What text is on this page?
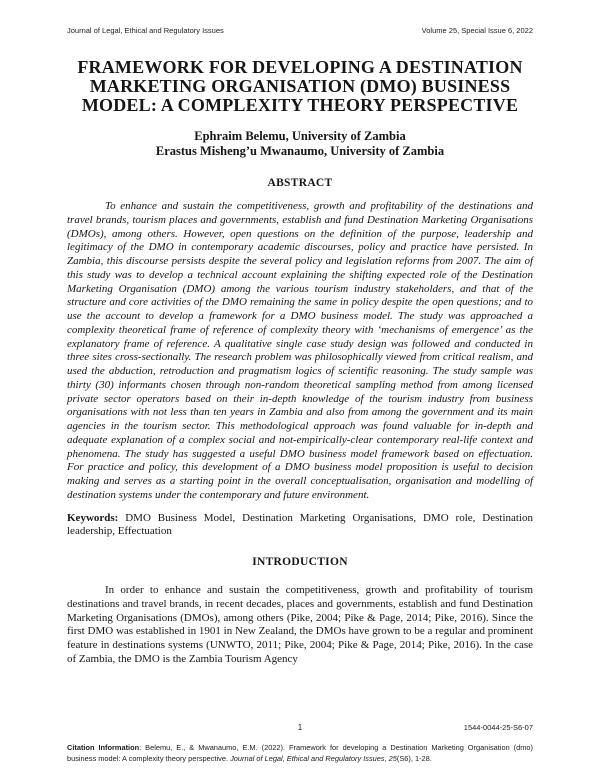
Journal of Legal, Ethical and Regulatory Issues	Volume 25, Special Issue 6, 2022
FRAMEWORK FOR DEVELOPING A DESTINATION
MARKETING ORGANISATION (DMO) BUSINESS
MODEL: A COMPLEXITY THEORY PERSPECTIVE
Ephraim Belemu, University of Zambia
Erastus Misheng’u Mwanaumo, University of Zambia
ABSTRACT

To enhance and sustain the competitiveness, growth and profitability of the destinations and travel brands, tourism places and governments, establish and fund Destination Marketing Organisations (DMOs), among others. However, open questions on the definition of the purpose, leadership and legitimacy of the DMO in contemporary academic discourses, policy and practice have persisted. In Zambia, this discourse persists despite the several policy and legislation reforms from 2007. The aim of this study was to develop a technical account explaining the shifting expected role of the Destination Marketing Organisation (DMO) among the various tourism industry stakeholders, and that of the structure and core activities of the DMO remaining the same in policy despite the open questions; and to use the account to develop a framework for a DMO business model. The study was approached a complexity theoretical frame of reference of complexity theory with ‘mechanisms of emergence’ as the explanatory frame of reference. A qualitative single case study design was followed and conducted in three sites cross-sectionally. The research problem was philosophically viewed from critical realism, and used the abduction, retroduction and pragmatism logics of scientific reasoning. The study sample was thirty (30) informants chosen through non-random theoretical sampling method from among licensed private sector operators based on their in-depth knowledge of the tourism industry from business organisations with not less than ten years in Zambia and also from among the government and its main agencies in the tourism sector. This methodological approach was found valuable for in-depth and adequate explanation of a complex social and not-empirically-clear contemporary real-life context and phenomena. The study has suggested a useful DMO business model framework based on effectuation. For practice and policy, this development of a DMO business model proposition is useful to decision making and serves as a starting point in the overall conceptualisation, organisation and modelling of destination systems under the contemporary and future environment.

Keywords: DMO Business Model, Destination Marketing Organisations, DMO role, Destination leadership, Effectuation

INTRODUCTION

In order to enhance and sustain the competitiveness, growth and profitability of tourism destinations and travel brands, in recent decades, places and governments, establish and fund Destination Marketing Organisations (DMOs), among others (Pike, 2004; Pike & Page, 2014; Pike, 2016). Since the first DMO was established in 1901 in New Zealand, the DMOs have grown to be a regular and prominent feature in destinations systems (UNWTO, 2011; Pike, 2004; Pike & Page, 2014; Pike, 2016). In the case of Zambia, the DMO is the Zambia Tourism Agency

1	1544-0044-25-S6-07

Citation Information: Belemu, E., & Mwanaumo, E.M. (2022). Framework for developing a Destination Marketing Organisation (dmo) business model: A complexity theory perspective. Journal of Legal, Ethical and Regulatory Issues, 25(S6), 1-28.
